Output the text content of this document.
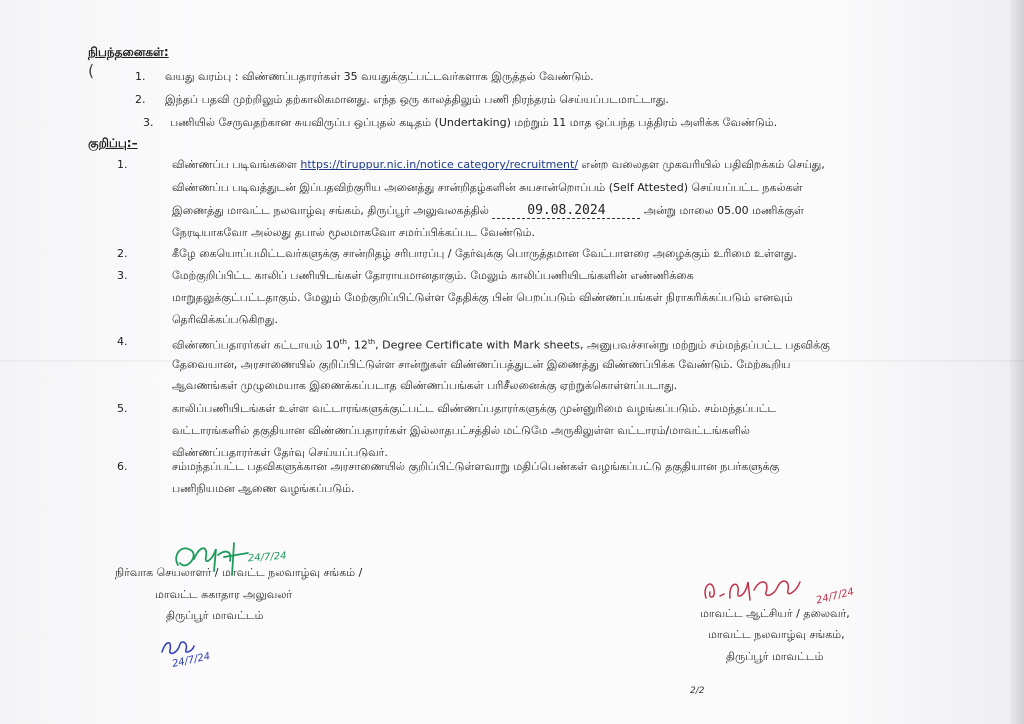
நிபந்தனைகள்:
(	1. வயது வரம்பு : விண்ணப்பதாரர்கள் 35 வயதுக்குட்பட்டவர்களாக இருத்தல் வேண்டும்.
2. இந்தப் பதவி முற்றிலும் தற்காலிகமானது. எந்த ஒரு காலத்திலும் பணி நிரந்தரம் செய்யப்படமாட்டாது.
3. பணியில் சேருவதற்கான சுயவிருப்ப ஒப்புதல் கடிதம் (Undertaking) மற்றும் 11 மாத ஒப்பந்த பத்திரம் அளிக்க வேண்டும்.
குறிப்பு:–
1.	விண்ணப்ப படிவங்களை https://tiruppur.nic.in/notice category/recruitment/ என்ற வலைதள முகவரியில் பதிவிறக்கம் செய்து,
விண்ணப்ப படிவத்துடன் இப்பதவிற்குரிய அனைத்து சான்றிதழ்களின் சுயசான்றொப்பம் (Self Attested) செய்யப்பட்ட நகல்கள்
இணைத்து மாவட்ட நலவாழ்வு சங்கம், திருப்பூர் அலுவலகத்தில்	09.08.2024	அன்று மாலை 05.00 மணிக்குள்
நேரடியாகவோ அல்லது தபால் மூலமாகவோ சமர்ப்பிக்கப்பட வேண்டும்.
2.	கீழே கையொப்பமிட்டவர்களுக்கு சான்றிதழ் சரிபாரப்பு / தேர்வுக்கு பொருத்தமான வேட்பாளரை அழைக்கும் உரிமை உள்ளது.
3.	மேற்குறிப்பிட்ட காலிப் பணியிடங்கள் தோராயமானதாகும். மேலும் காலிப்பணியிடங்களின் எண்ணிக்கை
மாறுதலுக்குட்பட்டதாகும். மேலும் மேற்குறிப்பிட்டுள்ள தேதிக்கு பின் பெறப்படும் விண்ணப்பங்கள் நிராகரிக்கப்படும் எனவும்
தெரிவிக்கப்படுகிறது.
4.	விண்ணப்பதாரர்கள் கட்டாயம் 10th, 12th, Degree Certificate with Mark sheets, அனுபவச்சான்று மற்றும் சம்மந்தப்பட்ட பதவிக்கு
தேவையான, அரசாணையில் குறிப்பிட்டுள்ள சான்றுகள் விண்ணப்பத்துடன் இணைத்து விண்ணப்பிக்க வேண்டும். மேற்கூறிய
ஆவணங்கள் முழுமையாக இணைக்கப்படாத விண்ணப்பங்கள் பரிசீலனைக்கு ஏற்றுக்கொள்ளப்படாது.
5.	காலிப்பணியிடங்கள் உள்ள வட்டாரங்களுக்குட்பட்ட விண்ணப்பதாரர்களுக்கு முன்னுரிமை வழங்கப்படும். சம்மந்தப்பட்ட
வட்டாரங்களில் தகுதியான விண்ணப்பதாரர்கள் இல்லாதபட்சத்தில் மட்டுமே அருகிலுள்ள வட்டாரம்/மாவட்டங்களில்
விண்ணப்பதாரர்கள் தேர்வு செய்யப்படுவர்.
6.	சம்மந்தப்பட்ட பதவிகளுக்கான அரசாணையில் குறிப்பிட்டுள்ளவாறு மதிப்பெண்கள் வழங்கப்பட்டு தகுதியான நபர்களுக்கு
பணிநியமன ஆணை வழங்கப்படும்.
நிர்வாக செயலாளர் / மாவட்ட நலவாழ்வு சங்கம் /
மாவட்ட சுகாதார அலுவலர்
திருப்பூர் மாவட்டம்	மாவட்ட ஆட்சியர் / தலைவர்,
மாவட்ட நலவாழ்வு சங்கம்,
திருப்பூர் மாவட்டம்
24/7/24
24/7/24
24/7/24
2/2
